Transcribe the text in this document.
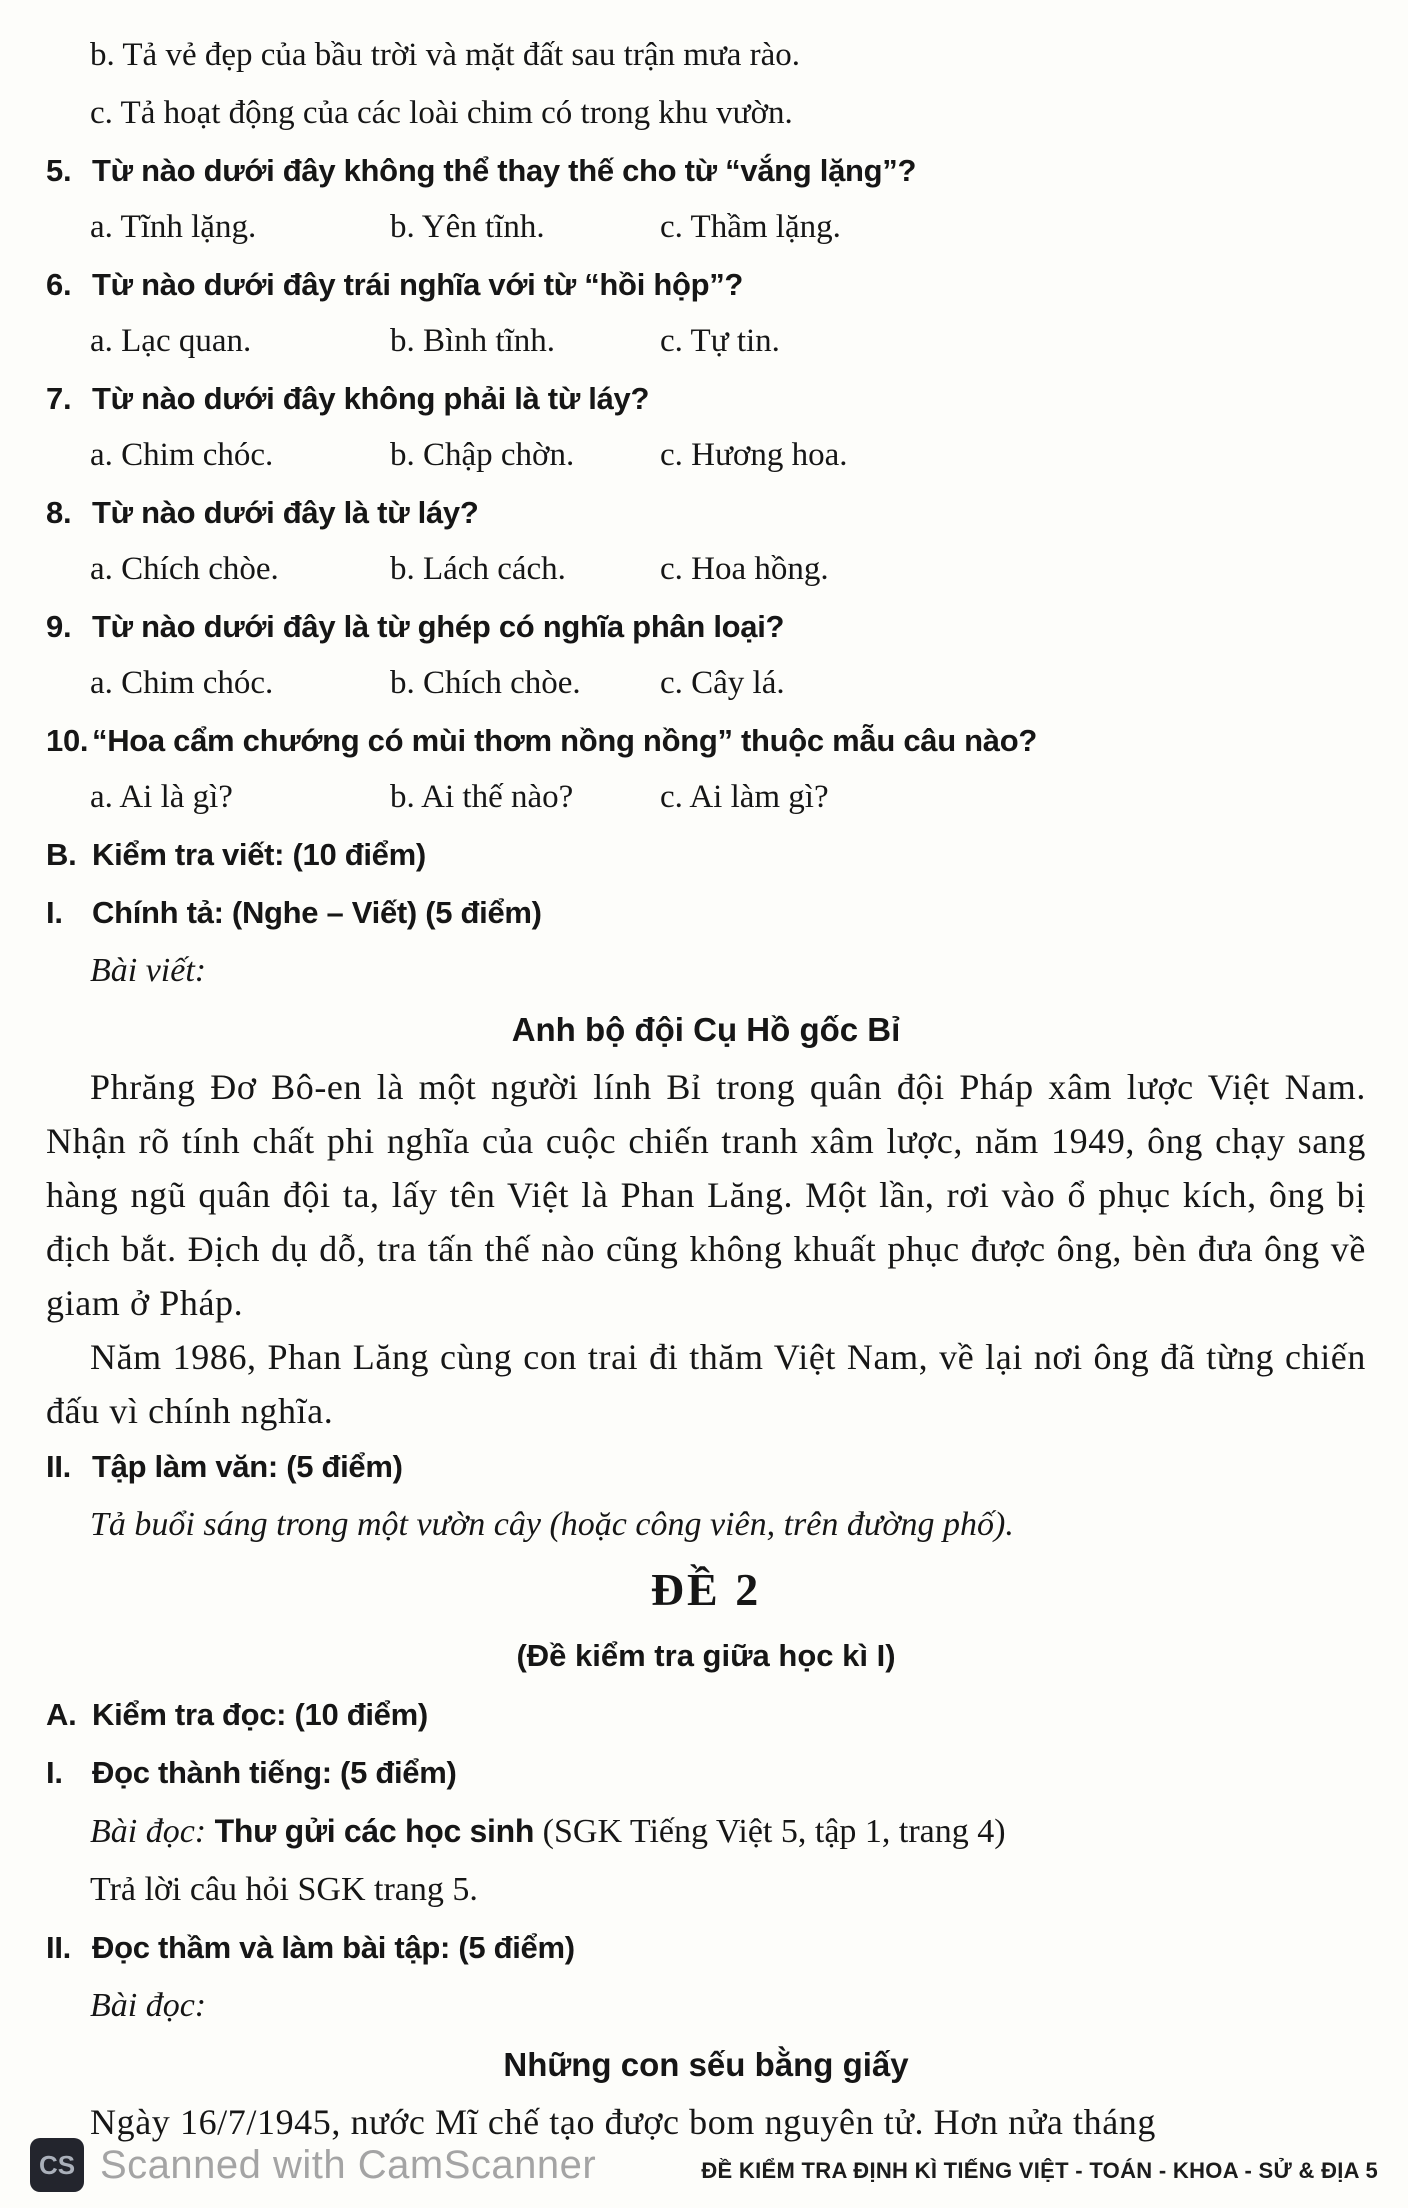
b. Tả vẻ đẹp của bầu trời và mặt đất sau trận mưa rào.
c. Tả hoạt động của các loài chim có trong khu vườn.
5. Từ nào dưới đây không thể thay thế cho từ “vắng lặng”?
a. Tĩnh lặng.	b. Yên tĩnh.	c. Thầm lặng.
6. Từ nào dưới đây trái nghĩa với từ “hồi hộp”?
a. Lạc quan.	b. Bình tĩnh.	c. Tự tin.
7. Từ nào dưới đây không phải là từ láy?
a. Chim chóc.	b. Chập chờn.	c. Hương hoa.
8. Từ nào dưới đây là từ láy?
a. Chích chòe.	b. Lách cách.	c. Hoa hồng.
9. Từ nào dưới đây là từ ghép có nghĩa phân loại?
a. Chim chóc.	b. Chích chòe.	c. Cây lá.
10. “Hoa cẩm chướng có mùi thơm nồng nồng” thuộc mẫu câu nào?
a. Ai là gì?	b. Ai thế nào?	c. Ai làm gì?
B. Kiểm tra viết: (10 điểm)
I. Chính tả: (Nghe – Viết) (5 điểm)
Bài viết:
Anh bộ đội Cụ Hồ gốc Bỉ
Phrăng Đơ Bô-en là một người lính Bỉ trong quân đội Pháp xâm lược Việt Nam. Nhận rõ tính chất phi nghĩa của cuộc chiến tranh xâm lược, năm 1949, ông chạy sang hàng ngũ quân đội ta, lấy tên Việt là Phan Lăng. Một lần, rơi vào ổ phục kích, ông bị địch bắt. Địch dụ dỗ, tra tấn thế nào cũng không khuất phục được ông, bèn đưa ông về giam ở Pháp.
Năm 1986, Phan Lăng cùng con trai đi thăm Việt Nam, về lại nơi ông đã từng chiến đấu vì chính nghĩa.
II. Tập làm văn: (5 điểm)
Tả buổi sáng trong một vườn cây (hoặc công viên, trên đường phố).
ĐỀ 2
(Đề kiểm tra giữa học kì I)
A. Kiểm tra đọc: (10 điểm)
I. Đọc thành tiếng: (5 điểm)
Bài đọc: Thư gửi các học sinh (SGK Tiếng Việt 5, tập 1, trang 4)
Trả lời câu hỏi SGK trang 5.
II. Đọc thầm và làm bài tập: (5 điểm)
Bài đọc:
Những con sếu bằng giấy
Ngày 16/7/1945, nước Mĩ chế tạo được bom nguyên tử. Hơn nửa tháng
CS Scanned with CamScanner	ĐỀ KIỂM TRA ĐỊNH KÌ TIẾNG VIỆT - TOÁN - KHOA - SỬ & ĐỊA 5
